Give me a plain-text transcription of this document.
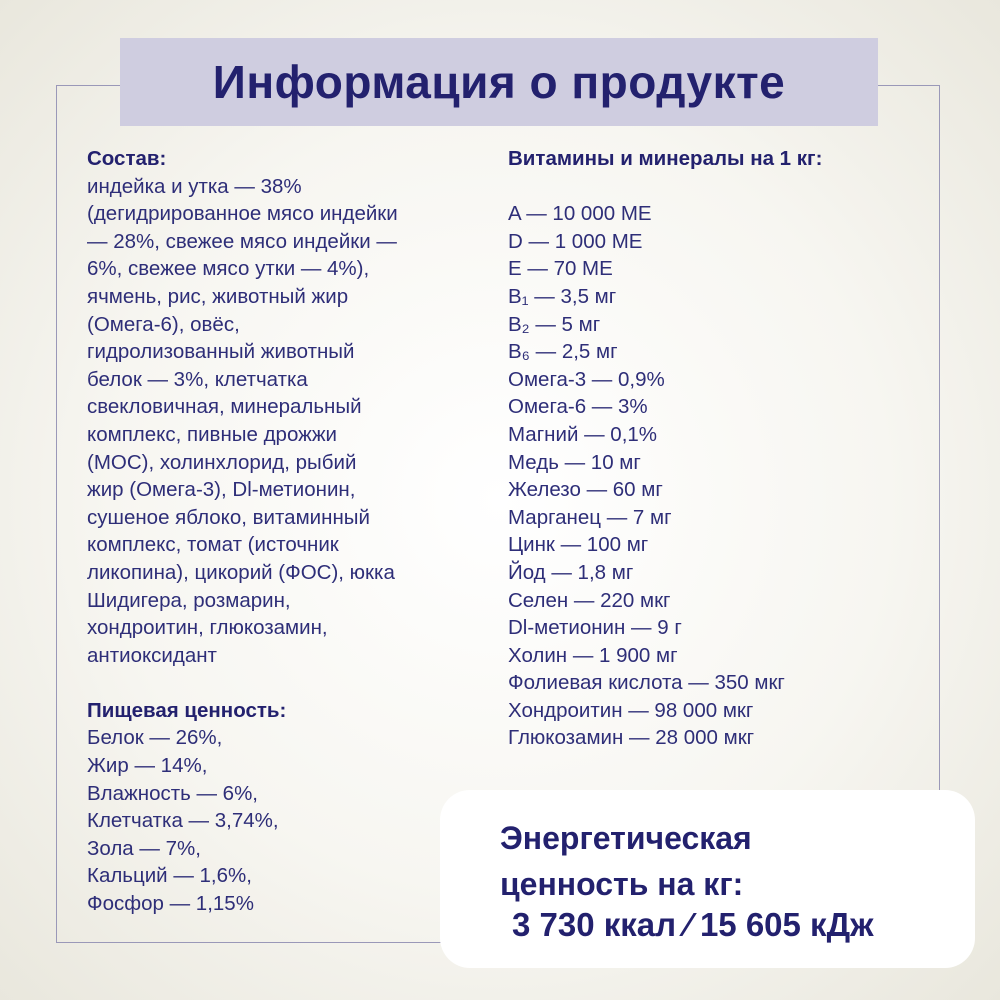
Информация о продукте
Состав:
индейка и утка — 38%
(дегидрированное мясо индейки
— 28%, свежее мясо индейки —
6%, свежее мясо утки — 4%),
ячмень, рис, животный жир
(Омега-6), овёс,
гидролизованный животный
белок — 3%, клетчатка
свекловичная, минеральный
комплекс, пивные дрожжи
(МОС), холинхлорид, рыбий
жир (Омега-3), Dl-метионин,
сушеное яблоко, витаминный
комплекс, томат (источник
ликопина), цикорий (ФОС), юкка
Шидигера, розмарин,
хондроитин, глюкозамин,
антиоксидант
Пищевая ценность:
Белок — 26%,
Жир — 14%,
Влажность — 6%,
Клетчатка — 3,74%,
Зола — 7%,
Кальций — 1,6%,
Фосфор — 1,15%
Витамины и минералы на 1 кг:
A — 10 000 МЕ
D — 1 000 МЕ
E — 70 МЕ
B₁ — 3,5 мг
B₂ — 5 мг
B₆ — 2,5 мг
Омега-3 — 0,9%
Омега-6 — 3%
Магний — 0,1%
Медь — 10 мг
Железо — 60 мг
Марганец — 7 мг
Цинк — 100 мг
Йод — 1,8 мг
Селен — 220 мкг
Dl-метионин — 9 г
Холин — 1 900 мг
Фолиевая кислота — 350 мкг
Хондроитин — 98 000 мкг
Глюкозамин — 28 000 мкг
Энергетическая
ценность на кг:
3 730 ккал ⁄ 15 605 кДж
